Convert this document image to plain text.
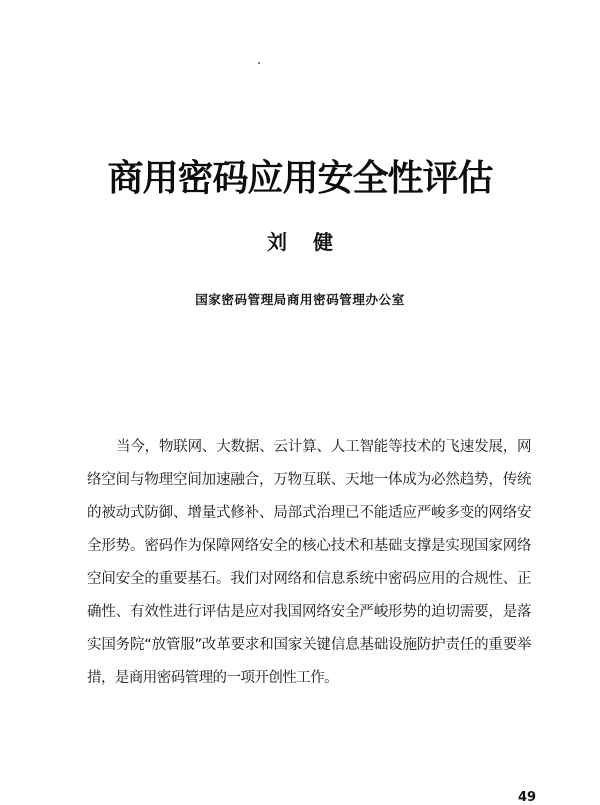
商用密码应用安全性评估
刘健
国家密码管理局商用密码管理办公室

当今，物联网、大数据、云计算、人工智能等技术的飞速发展，网络空间与物理空间加速融合，万物互联、天地一体成为必然趋势，传统的被动式防御、增量式修补、局部式治理已不能适应严峻多变的网络安全形势。密码作为保障网络安全的核心技术和基础支撑是实现国家网络空间安全的重要基石。我们对网络和信息系统中密码应用的合规性、正确性、有效性进行评估是应对我国网络安全严峻形势的迫切需要，是落实国务院“放管服”改革要求和国家关键信息基础设施防护责任的重要举措，是商用密码管理的一项开创性工作。

49
